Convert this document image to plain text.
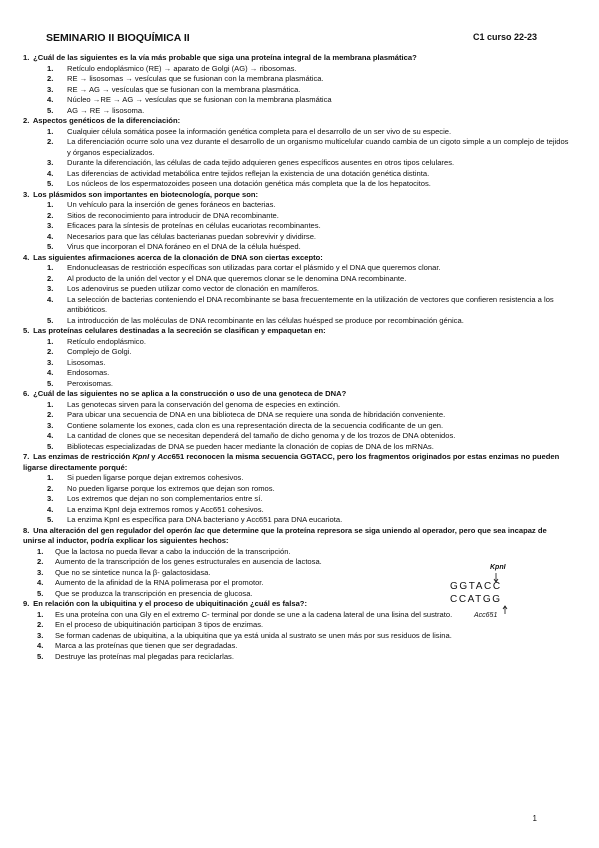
SEMINARIO II BIOQUÍMICA II	C1 curso 22-23
1. ¿Cuál de las siguientes es la vía más probable que siga una proteína integral de la membrana plasmática?
1. Retículo endoplásmico (RE) → aparato de Golgi (AG) → ribosomas.
2. RE → lisosomas → vesículas que se fusionan con la membrana plasmática.
3. RE → AG → vesículas que se fusionan con la membrana plasmática.
4. Núcleo →RE → AG → vesículas que se fusionan con la membrana plasmática
5. AG → RE → lisosoma.
2. Aspectos genéticos de la diferenciación:
1. Cualquier célula somática posee la información genética completa para el desarrollo de un ser vivo de su especie.
2. La diferenciación ocurre solo una vez durante el desarrollo de un organismo multicelular cuando cambia de un cigoto simple a un complejo de tejidos y órganos especializados.
3. Durante la diferenciación, las células de cada tejido adquieren genes específicos ausentes en otros tipos celulares.
4. Las diferencias de actividad metabólica entre tejidos reflejan la existencia de una dotación genética distinta.
5. Los núcleos de los espermatozoides poseen una dotación genética más completa que la de los hepatocitos.
3. Los plásmidos son importantes en biotecnología, porque son:
1. Un vehículo para la inserción de genes foráneos en bacterias.
2. Sitios de reconocimiento para introducir de DNA recombinante.
3. Eficaces para la síntesis de proteínas en células eucariotas recombinantes.
4. Necesarios para que las células bacterianas puedan sobrevivir y dividirse.
5. Virus que incorporan el DNA foráneo en el DNA de la célula huésped.
4. Las siguientes afirmaciones acerca de la clonación de DNA son ciertas excepto:
1. Endonucleasas de restricción específicas son utilizadas para cortar el plásmido y el DNA que queremos clonar.
2. Al producto de la unión del vector y el DNA que queremos clonar se le denomina DNA recombinante.
3. Los adenovirus se pueden utilizar como vector de clonación en mamíferos.
4. La selección de bacterias conteniendo el DNA recombinante se basa frecuentemente en la utilización de vectores que confieren resistencia a los antibióticos.
5. La introducción de las moléculas de DNA recombinante en las células huésped se produce por recombinación génica.
5. Las proteínas celulares destinadas a la secreción se clasifican y empaquetan en:
1. Retículo endoplásmico.
2. Complejo de Golgi.
3. Lisosomas.
4. Endosomas.
5. Peroxisomas.
6. ¿Cuál de las siguientes no se aplica a la construcción o uso de una genoteca de DNA?
1. Las genotecas sirven para la conservación del genoma de especies en extinción.
2. Para ubicar una secuencia de DNA en una biblioteca de DNA se requiere una sonda de hibridación conveniente.
3. Contiene solamente los exones, cada clon es una representación directa de la secuencia codificante de un gen.
4. La cantidad de clones que se necesitan dependerá del tamaño de dicho genoma y de los trozos de DNA obtenidos.
5. Bibliotecas especializadas de DNA se pueden hacer mediante la clonación de copias de DNA de los mRNAs.
7. Las enzimas de restricción KpnI y Acc651 reconocen la misma secuencia GGTACC, pero los fragmentos originados por estas enzimas no pueden ligarse directamente porqué:
1. Si pueden ligarse porque dejan extremos cohesivos.
2. No pueden ligarse porque los extremos que dejan son romos.
3. Los extremos que dejan no son complementarios entre sí.
4. La enzima KpnI deja extremos romos y Acc651 cohesivos.
5. La enzima KpnI es específica para DNA bacteriano y Acc651 para DNA eucariota.
8. Una alteración del gen regulador del operón lac que determine que la proteína represora se siga uniendo al operador, pero que sea incapaz de unirse al inductor, podría explicar los siguientes hechos:
1. Que la lactosa no pueda llevar a cabo la inducción de la transcripción.
2. Aumento de la transcripción de los genes estructurales en ausencia de lactosa.
3. Que no se sintetice nunca la β- galactosidasa.
4. Aumento de la afinidad de la RNA polimerasa por el promotor.
5. Que se produzca la transcripción en presencia de glucosa.
9. En relación con la ubiquitina y el proceso de ubiquitinación ¿cuál es falsa?:
1. Es una proteína con una Gly en el extremo C- terminal por donde se une a la cadena lateral de una lisina del sustrato.
2. En el proceso de ubiquitinación participan 3 tipos de enzimas.
3. Se forman cadenas de ubiquitina, a la ubiquitina que ya está unida al sustrato se unen más por sus residuos de lisina.
4. Marca a las proteínas que tienen que ser degradadas.
5. Destruye las proteínas mal plegadas para reciclarlas.
KpnI
GGTACC
CCATGG
Acc651
1
